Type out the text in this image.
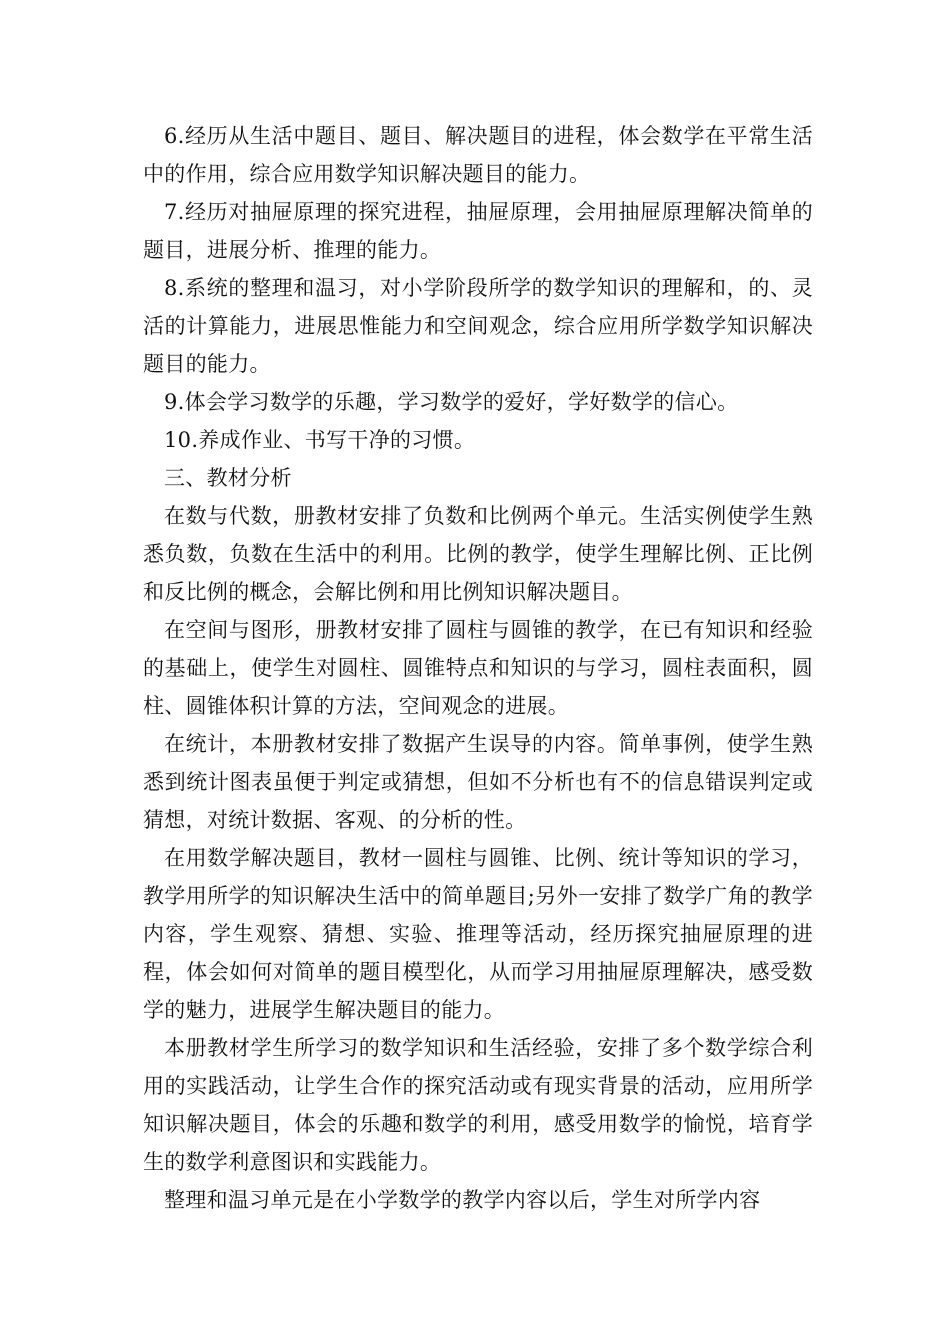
6.经历从生活中题目、题目、解决题目的进程，体会数学在平常生活中的作用，综合应用数学知识解决题目的能力。

7.经历对抽屉原理的探究进程，抽屉原理，会用抽屉原理解决简单的题目，进展分析、推理的能力。

8.系统的整理和温习，对小学阶段所学的数学知识的理解和，的、灵活的计算能力，进展思惟能力和空间观念，综合应用所学数学知识解决题目的能力。

9.体会学习数学的乐趣，学习数学的爱好，学好数学的信心。

10.养成作业、书写干净的习惯。

三、教材分析

在数与代数，册教材安排了负数和比例两个单元。生活实例使学生熟悉负数，负数在生活中的利用。比例的教学，使学生理解比例、正比例和反比例的概念，会解比例和用比例知识解决题目。

在空间与图形，册教材安排了圆柱与圆锥的教学，在已有知识和经验的基础上，使学生对圆柱、圆锥特点和知识的与学习，圆柱表面积，圆柱、圆锥体积计算的方法，空间观念的进展。

在统计，本册教材安排了数据产生误导的内容。简单事例，使学生熟悉到统计图表虽便于判定或猜想，但如不分析也有不的信息错误判定或猜想，对统计数据、客观、的分析的性。

在用数学解决题目，教材一圆柱与圆锥、比例、统计等知识的学习，教学用所学的知识解决生活中的简单题目;另外一安排了数学广角的教学内容，学生观察、猜想、实验、推理等活动，经历探究抽屉原理的进程，体会如何对简单的题目模型化，从而学习用抽屉原理解决，感受数学的魅力，进展学生解决题目的能力。

本册教材学生所学习的数学知识和生活经验，安排了多个数学综合利用的实践活动，让学生合作的探究活动或有现实背景的活动，应用所学知识解决题目，体会的乐趣和数学的利用，感受用数学的愉悦，培育学生的数学利意图识和实践能力。

整理和温习单元是在小学数学的教学内容以后，学生对所学内容
